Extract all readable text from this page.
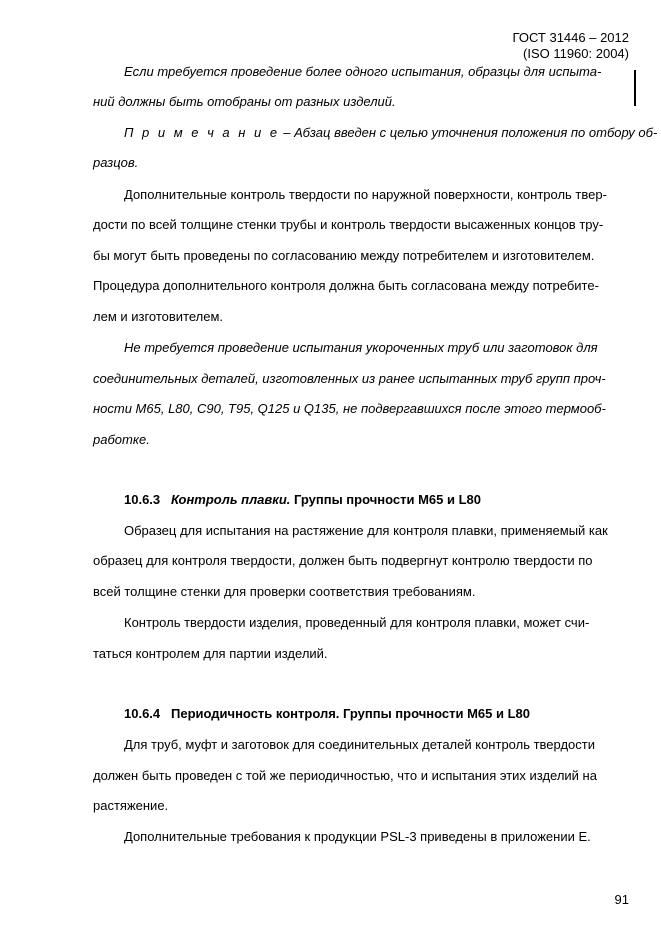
ГОСТ 31446 – 2012
(ISO 11960: 2004)
Если требуется проведение более одного испытания, образцы для испыта-
ний должны быть отобраны от разных изделий.
П р и м е ч а н и е – Абзац введен с целью уточнения положения по отбору об-
разцов.
Дополнительные контроль твердости по наружной поверхности, контроль твер-
дости по всей толщине стенки трубы и контроль твердости высаженных концов тру-
бы могут быть проведены по согласованию между потребителем и изготовителем.
Процедура дополнительного контроля должна быть согласована между потребите-
лем и изготовителем.
Не требуется проведение испытания укороченных труб или заготовок для
соединительных деталей, изготовленных из ранее испытанных труб групп проч-
ности M65, L80, C90, T95, Q125 и Q135, не подвергавшихся после этого термооб-
работке.
10.6.3 Контроль плавки. Группы прочности M65 и L80
Образец для испытания на растяжение для контроля плавки, применяемый как
образец для контроля твердости, должен быть подвергнут контролю твердости по
всей толщине стенки для проверки соответствия требованиям.
Контроль твердости изделия, проведенный для контроля плавки, может счи-
таться контролем для партии изделий.
10.6.4 Периодичность контроля. Группы прочности M65 и L80
Для труб, муфт и заготовок для соединительных деталей контроль твердости
должен быть проведен с той же периодичностью, что и испытания этих изделий на
растяжение.
Дополнительные требования к продукции PSL-3 приведены в приложении Е.
91
